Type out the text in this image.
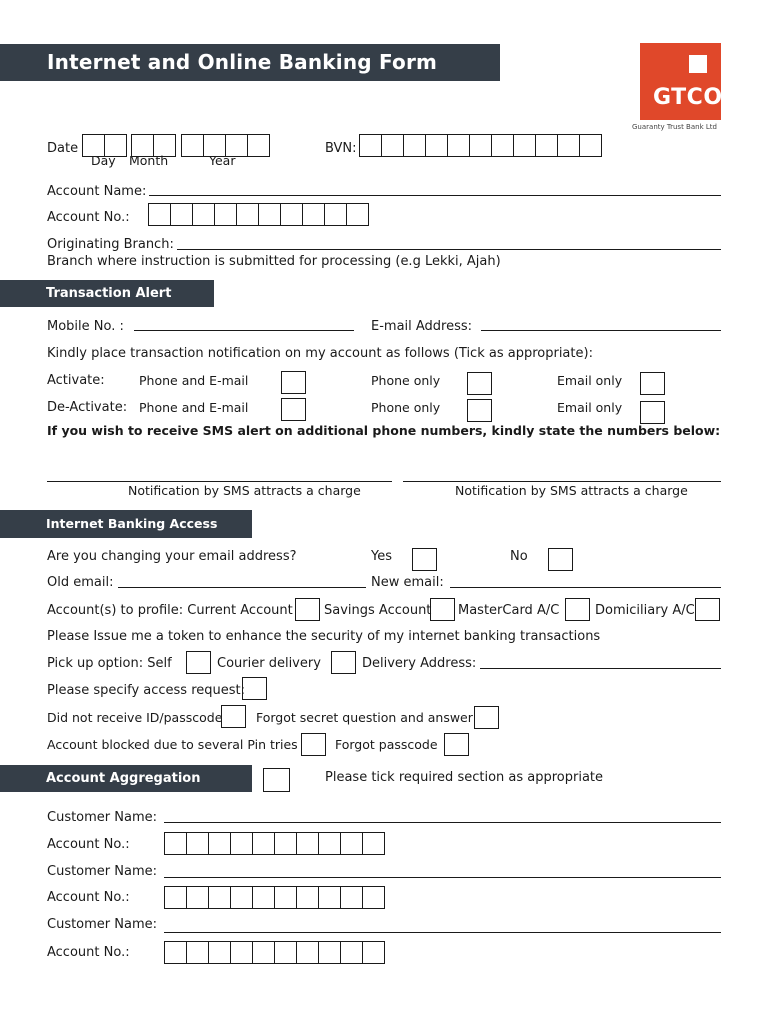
Internet and Online Banking Form
GTCO
Guaranty Trust Bank Ltd
Date
Day Month	Year
BVN:
Account Name:
Account No.:
Originating Branch:
Branch where instruction is submitted for processing (e.g Lekki, Ajah)
Transaction Alert
Mobile No. :	E-mail Address:
Kindly place transaction notification on my account as follows (Tick as appropriate):
Activate:	Phone and E-mail	Phone only	Email only
De-Activate: Phone and E-mail	Phone only	Email only
If you wish to receive SMS alert on additional phone numbers, kindly state the numbers below:
Notification by SMS attracts a charge	Notification by SMS attracts a charge
Internet Banking Access
Are you changing your email address?	Yes	No
Old email:	New email:
Account(s) to profile: Current Account Savings Account MasterCard A/C	Domiciliary A/C
Please Issue me a token to enhance the security of my internet banking transactions
Pick up option: Self	Courier delivery	Delivery Address:
Please specify access request:
Did not receive ID/passcode	Forgot secret question and answer
Account blocked due to several Pin tries	Forgot passcode
Account Aggregation	Please tick required section as appropriate
Customer Name:
Account No.:
Customer Name:
Account No.:
Customer Name:
Account No.:
